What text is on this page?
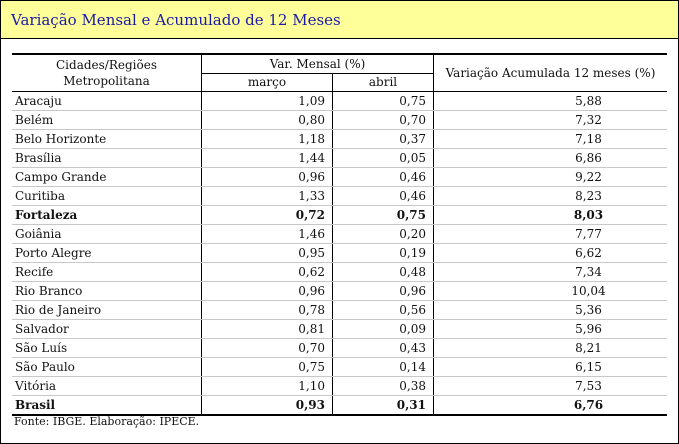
Variação Mensal e Acumulado de 12 Meses
Cidades/Regiões Metropolitana	Var. Mensal (%)		Variação Acumulada 12 meses (%)
	março	abril	
Aracaju	1,09	0,75	5,88
Belém	0,80	0,70	7,32
Belo Horizonte	1,18	0,37	7,18
Brasília	1,44	0,05	6,86
Campo Grande	0,96	0,46	9,22
Curitiba	1,33	0,46	8,23
Fortaleza	0,72	0,75	8,03
Goiânia	1,46	0,20	7,77
Porto Alegre	0,95	0,19	6,62
Recife	0,62	0,48	7,34
Rio Branco	0,96	0,96	10,04
Rio de Janeiro	0,78	0,56	5,36
Salvador	0,81	0,09	5,96
São Luís	0,70	0,43	8,21
São Paulo	0,75	0,14	6,15
Vitória	1,10	0,38	7,53
Brasil	0,93	0,31	6,76
Fonte: IBGE. Elaboração: IPECE.
